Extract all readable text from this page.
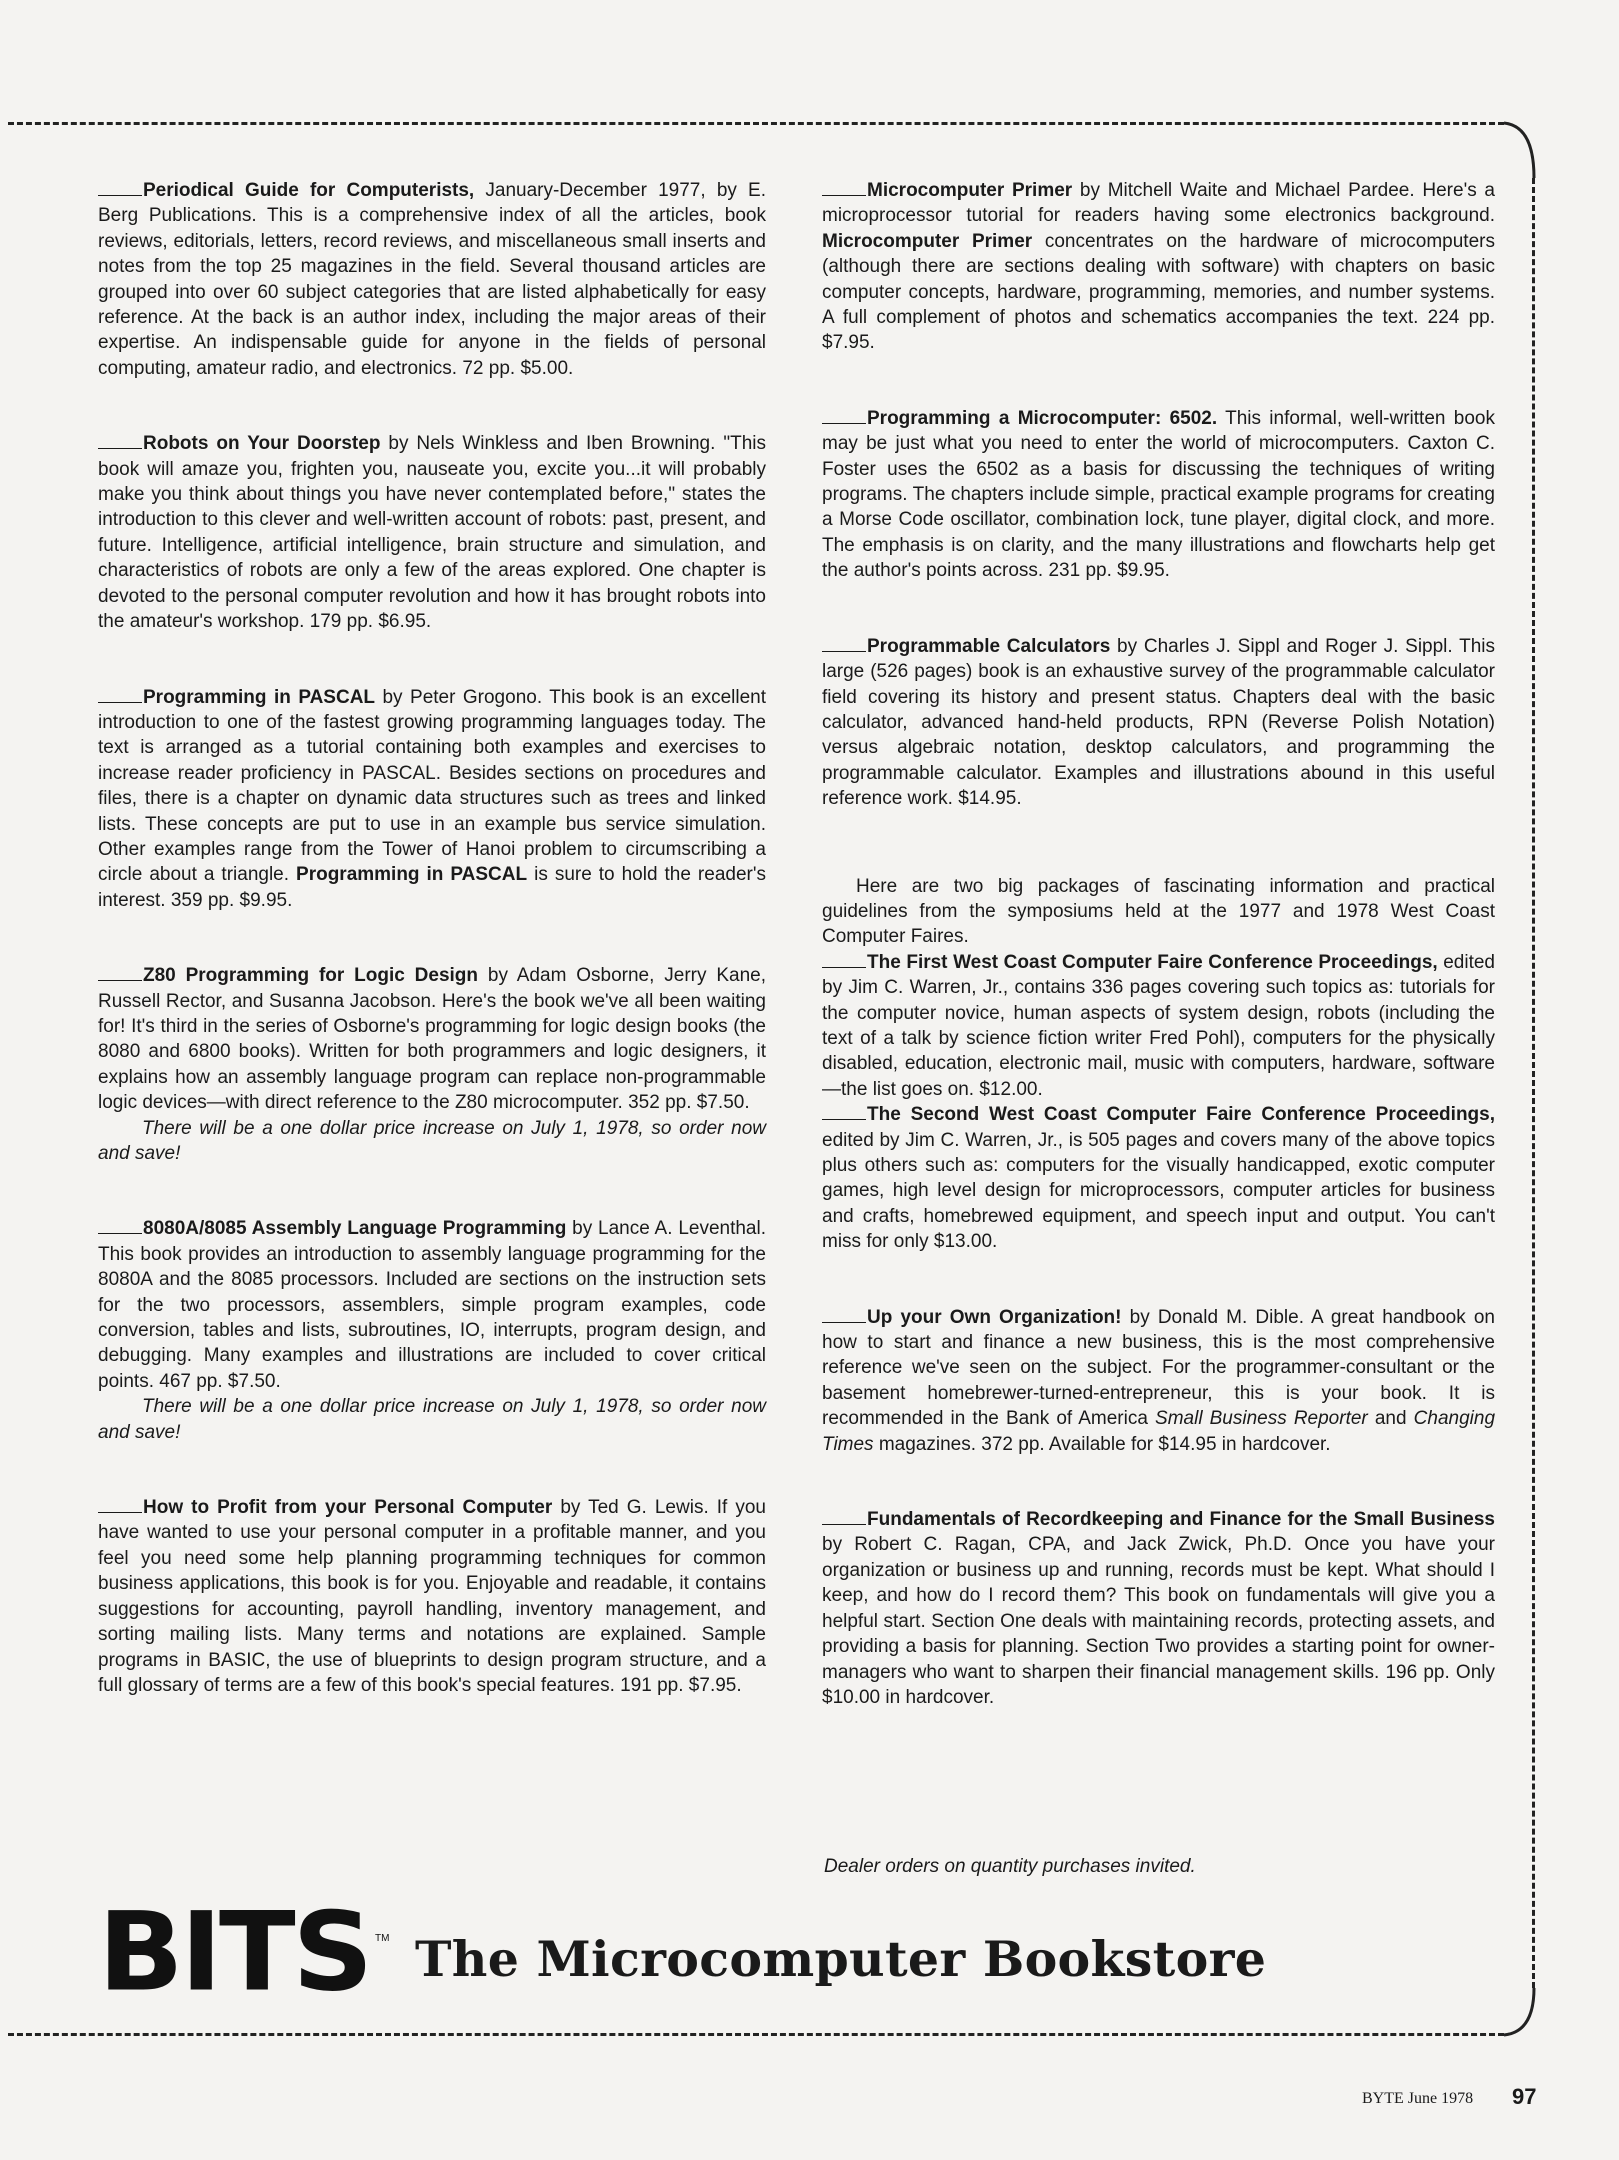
Periodical Guide for Computerists, January-December 1977, by E. Berg Publications. This is a comprehensive index of all the articles, book reviews, editorials, letters, record reviews, and miscellaneous small inserts and notes from the top 25 magazines in the field. Several thousand articles are grouped into over 60 subject categories that are listed alphabetically for easy reference. At the back is an author index, including the major areas of their expertise. An indispensable guide for anyone in the fields of personal computing, amateur radio, and electronics. 72 pp. $5.00.

Robots on Your Doorstep by Nels Winkless and Iben Browning. "This book will amaze you, frighten you, nauseate you, excite you...it will probably make you think about things you have never contemplated before," states the introduction to this clever and well-written account of robots: past, present, and future. Intelligence, artificial intelligence, brain structure and simulation, and characteristics of robots are only a few of the areas explored. One chapter is devoted to the personal computer revolution and how it has brought robots into the amateur's workshop. 179 pp. $6.95.

Programming in PASCAL by Peter Grogono. This book is an excellent introduction to one of the fastest growing programming languages today. The text is arranged as a tutorial containing both examples and exercises to increase reader proficiency in PASCAL. Besides sections on procedures and files, there is a chapter on dynamic data structures such as trees and linked lists. These concepts are put to use in an example bus service simulation. Other examples range from the Tower of Hanoi problem to circumscribing a circle about a triangle. Programming in PASCAL is sure to hold the reader's interest. 359 pp. $9.95.

Z80 Programming for Logic Design by Adam Osborne, Jerry Kane, Russell Rector, and Susanna Jacobson. Here's the book we've all been waiting for! It's third in the series of Osborne's programming for logic design books (the 8080 and 6800 books). Written for both programmers and logic designers, it explains how an assembly language program can replace non-programmable logic devices—with direct reference to the Z80 microcomputer. 352 pp. $7.50.

There will be a one dollar price increase on July 1, 1978, so order now and save!

8080A/8085 Assembly Language Programming by Lance A. Leventhal. This book provides an introduction to assembly language programming for the 8080A and the 8085 processors. Included are sections on the instruction sets for the two processors, assemblers, simple program examples, code conversion, tables and lists, subroutines, IO, interrupts, program design, and debugging. Many examples and illustrations are included to cover critical points. 467 pp. $7.50.

There will be a one dollar price increase on July 1, 1978, so order now and save!

How to Profit from your Personal Computer by Ted G. Lewis. If you have wanted to use your personal computer in a profitable manner, and you feel you need some help planning programming techniques for common business applications, this book is for you. Enjoyable and readable, it contains suggestions for accounting, payroll handling, inventory management, and sorting mailing lists. Many terms and notations are explained. Sample programs in BASIC, the use of blueprints to design program structure, and a full glossary of terms are a few of this book's special features. 191 pp. $7.95.

Microcomputer Primer by Mitchell Waite and Michael Pardee. Here's a microprocessor tutorial for readers having some electronics background. Microcomputer Primer concentrates on the hardware of microcomputers (although there are sections dealing with software) with chapters on basic computer concepts, hardware, programming, memories, and number systems. A full complement of photos and schematics accompanies the text. 224 pp. $7.95.

Programming a Microcomputer: 6502. This informal, well-written book may be just what you need to enter the world of microcomputers. Caxton C. Foster uses the 6502 as a basis for discussing the techniques of writing programs. The chapters include simple, practical example programs for creating a Morse Code oscillator, combination lock, tune player, digital clock, and more. The emphasis is on clarity, and the many illustrations and flowcharts help get the author's points across. 231 pp. $9.95.

Programmable Calculators by Charles J. Sippl and Roger J. Sippl. This large (526 pages) book is an exhaustive survey of the programmable calculator field covering its history and present status. Chapters deal with the basic calculator, advanced hand-held products, RPN (Reverse Polish Notation) versus algebraic notation, desktop calculators, and programming the programmable calculator. Examples and illustrations abound in this useful reference work. $14.95.

Here are two big packages of fascinating information and practical guidelines from the symposiums held at the 1977 and 1978 West Coast Computer Faires.

The First West Coast Computer Faire Conference Proceedings, edited by Jim C. Warren, Jr., contains 336 pages covering such topics as: tutorials for the computer novice, human aspects of system design, robots (including the text of a talk by science fiction writer Fred Pohl), computers for the physically disabled, education, electronic mail, music with computers, hardware, software—the list goes on. $12.00.

The Second West Coast Computer Faire Conference Proceedings, edited by Jim C. Warren, Jr., is 505 pages and covers many of the above topics plus others such as: computers for the visually handicapped, exotic computer games, high level design for microprocessors, computer articles for business and crafts, homebrewed equipment, and speech input and output. You can't miss for only $13.00.

Up your Own Organization! by Donald M. Dible. A great handbook on how to start and finance a new business, this is the most comprehensive reference we've seen on the subject. For the programmer-consultant or the basement homebrewer-turned-entrepreneur, this is your book. It is recommended in the Bank of America Small Business Reporter and Changing Times magazines. 372 pp. Available for $14.95 in hardcover.

Fundamentals of Recordkeeping and Finance for the Small Business by Robert C. Ragan, CPA, and Jack Zwick, Ph.D. Once you have your organization or business up and running, records must be kept. What should I keep, and how do I record them? This book on fundamentals will give you a helpful start. Section One deals with maintaining records, protecting assets, and providing a basis for planning. Section Two provides a starting point for owner-managers who want to sharpen their financial management skills. 196 pp. Only $10.00 in hardcover.

Dealer orders on quantity purchases invited.
BITS TM The Microcomputer Bookstore
BYTE June 1978 97
